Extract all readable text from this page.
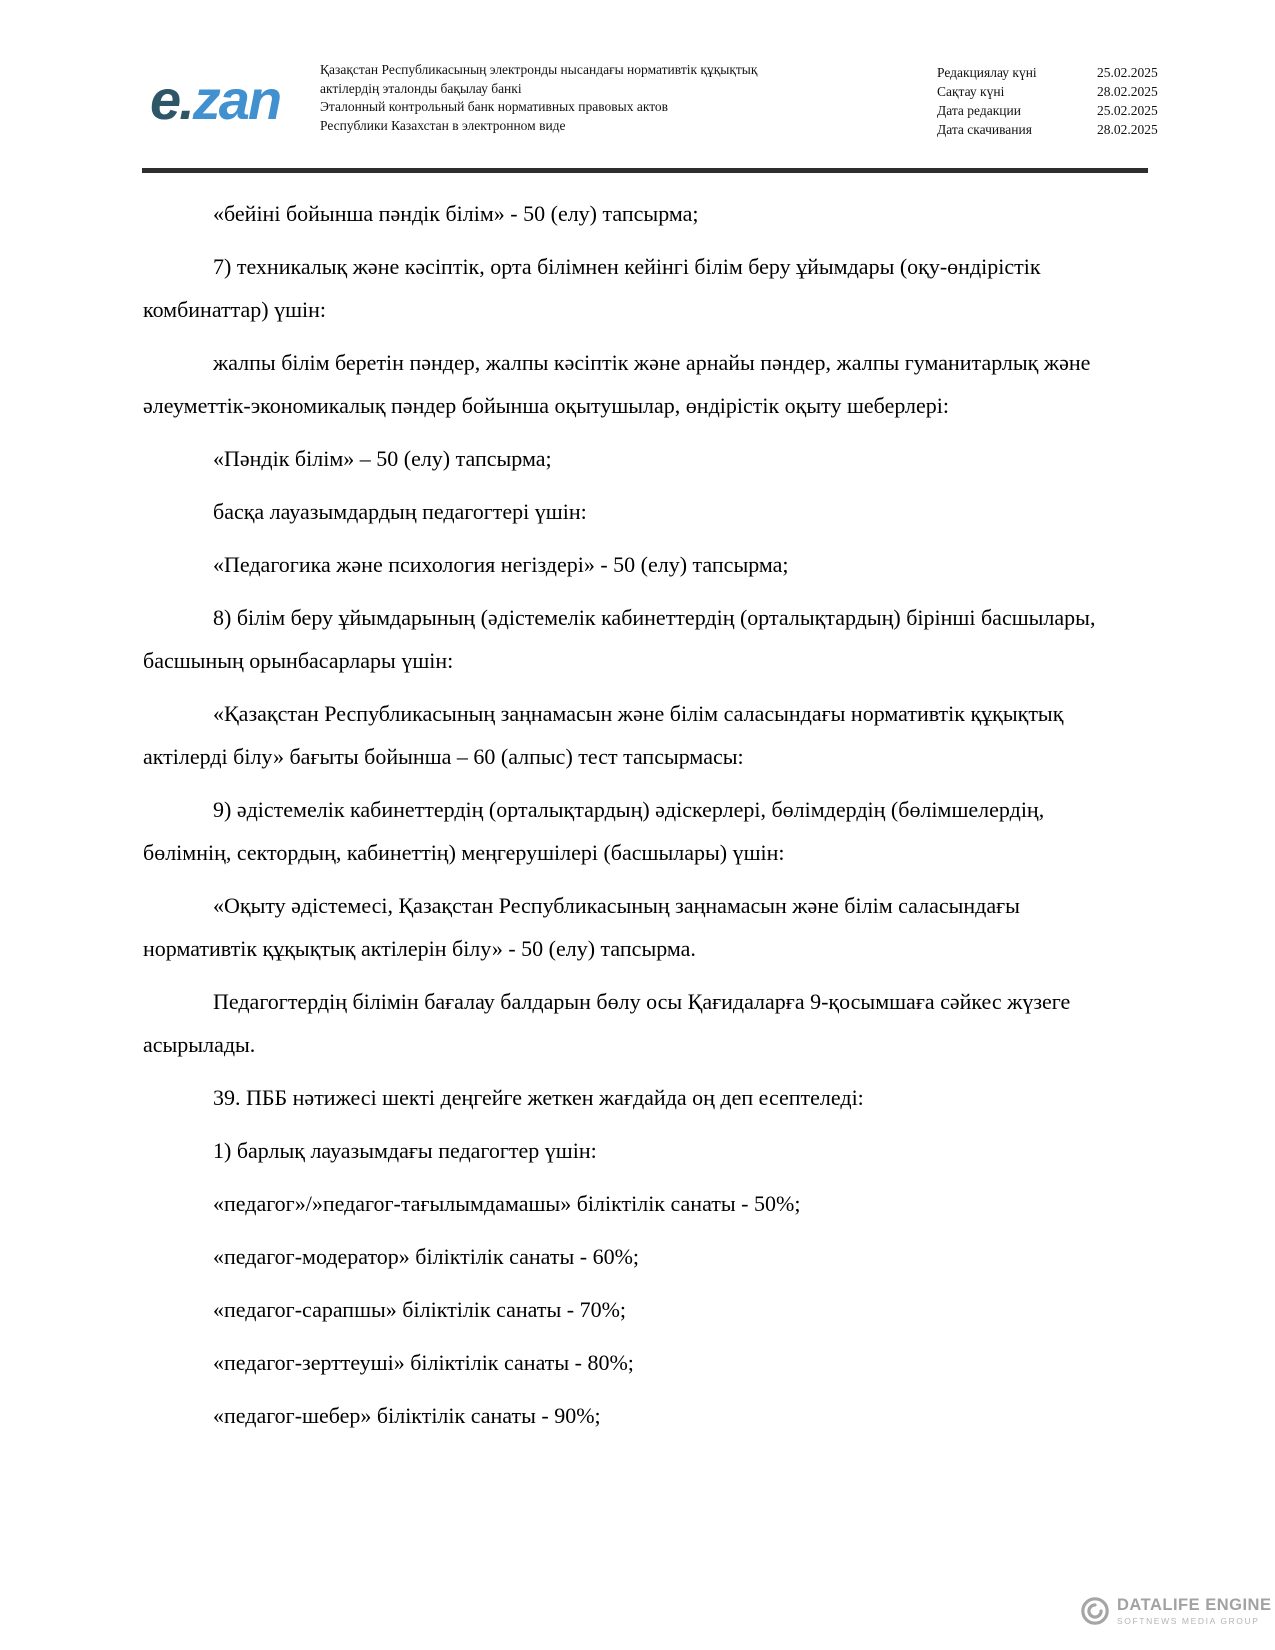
e.zan	Қазақстан Республикасының электронды нысандағы нормативтік құқықтық
актілердің эталонды бақылау банкі
Эталонный контрольный банк нормативных правовых актов
Республики Казахстан в электронном виде
Редакциялау күні	25.02.2025
Сақтау күні	28.02.2025
Дата редакции	25.02.2025
Дата скачивания	28.02.2025

«бейіні бойынша пәндік білім» - 50 (елу) тапсырма;

7) техникалық және кәсіптік, орта білімнен кейінгі білім беру ұйымдары (оқу-өндірістік комбинаттар) үшін:

жалпы білім беретін пәндер, жалпы кәсіптік және арнайы пәндер, жалпы гуманитарлық және әлеуметтік-экономикалық пәндер бойынша оқытушылар, өндірістік оқыту шеберлері:

«Пәндік білім» – 50 (елу) тапсырма;

басқа лауазымдардың педагогтері үшін:

«Педагогика және психология негіздері» - 50 (елу) тапсырма;

8) білім беру ұйымдарының (әдістемелік кабинеттердің (орталықтардың) бірінші басшылары, басшының орынбасарлары үшін:

«Қазақстан Республикасының заңнамасын және білім саласындағы нормативтік құқықтық актілерді білу» бағыты бойынша – 60 (алпыс) тест тапсырмасы:

9) әдістемелік кабинеттердің (орталықтардың) әдіскерлері, бөлімдердің (бөлімшелердің, бөлімнің, сектордың, кабинеттің) меңгерушілері (басшылары) үшін:

«Оқыту әдістемесі, Қазақстан Республикасының заңнамасын және білім саласындағы нормативтік құқықтық актілерін білу» - 50 (елу) тапсырма.

Педагогтердің білімін бағалау балдарын бөлу осы Қағидаларға 9-қосымшаға сәйкес жүзеге асырылады.

39. ПББ нәтижесі шекті деңгейге жеткен жағдайда оң деп есептеледі:

1) барлық лауазымдағы педагогтер үшін:

«педагог»/»педагог-тағылымдамашы» біліктілік санаты - 50%;

«педагог-модератор» біліктілік санаты - 60%;

«педагог-сарапшы» біліктілік санаты - 70%;

«педагог-зерттеуші» біліктілік санаты - 80%;

«педагог-шебер» біліктілік санаты - 90%;

DATALIFE ENGINE
SOFTNEWS MEDIA GROUP
